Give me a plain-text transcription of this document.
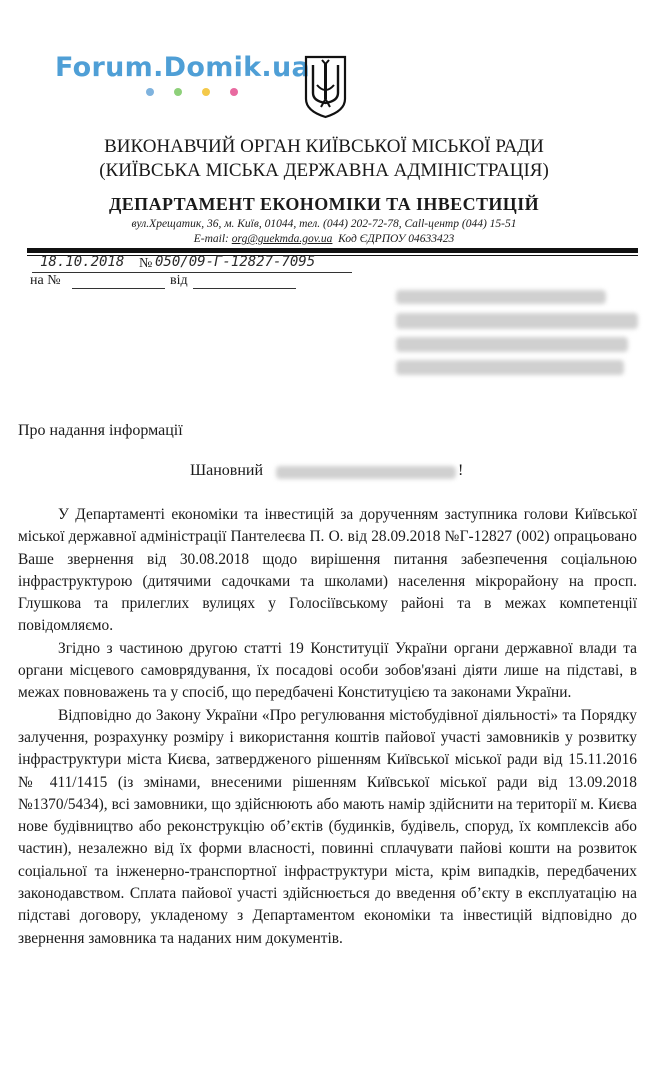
Forum.Domik.ua
ВИКОНАВЧИЙ ОРГАН КИЇВСЬКОЇ МІСЬКОЇ РАДИ
(КИЇВСЬКА МІСЬКА ДЕРЖАВНА АДМІНІСТРАЦІЯ)
ДЕПАРТАМЕНТ ЕКОНОМІКИ ТА ІНВЕСТИЦІЙ
вул.Хрещатик, 36, м. Київ, 01044, тел. (044) 202-72-78, Call-центр (044) 15-51
E-mail: org@guekmda.gov.ua Код ЄДРПОУ 04633423
18.10.2018 № 050/09-Г-12827-7095
на №	від
Про надання інформації
Шановний	!

У Департаменті економіки та інвестицій за дорученням заступника голови Київської міської державної адміністрації Пантелеєва П. О. від 28.09.2018 №Г-12827 (002) опрацьовано Ваше звернення від 30.08.2018 щодо вирішення питання забезпечення соціальною інфраструктурою (дитячими садочками та школами) населення мікрорайону на просп. Глушкова та прилеглих вулицях у Голосіївському районі та в межах компетенції повідомляємо.

Згідно з частиною другою статті 19 Конституції України органи державної влади та органи місцевого самоврядування, їх посадові особи зобов'язані діяти лише на підставі, в межах повноважень та у спосіб, що передбачені Конституцією та законами України.

Відповідно до Закону України «Про регулювання містобудівної діяльності» та Порядку залучення, розрахунку розміру і використання коштів пайової участі замовників у розвитку інфраструктури міста Києва, затвердженого рішенням Київської міської ради від 15.11.2016 № 411/1415 (із змінами, внесеними рішенням Київської міської ради від 13.09.2018 №1370/5434), всі замовники, що здійснюють або мають намір здійснити на території м. Києва нове будівництво або реконструкцію об’єктів (будинків, будівель, споруд, їх комплексів або частин), незалежно від їх форми власності, повинні сплачувати пайові кошти на розвиток соціальної та інженерно-транспортної інфраструктури міста, крім випадків, передбачених законодавством. Сплата пайової участі здійснюється до введення об’єкту в експлуатацію на підставі договору, укладеному з Департаментом економіки та інвестицій відповідно до звернення замовника та наданих ним документів.
